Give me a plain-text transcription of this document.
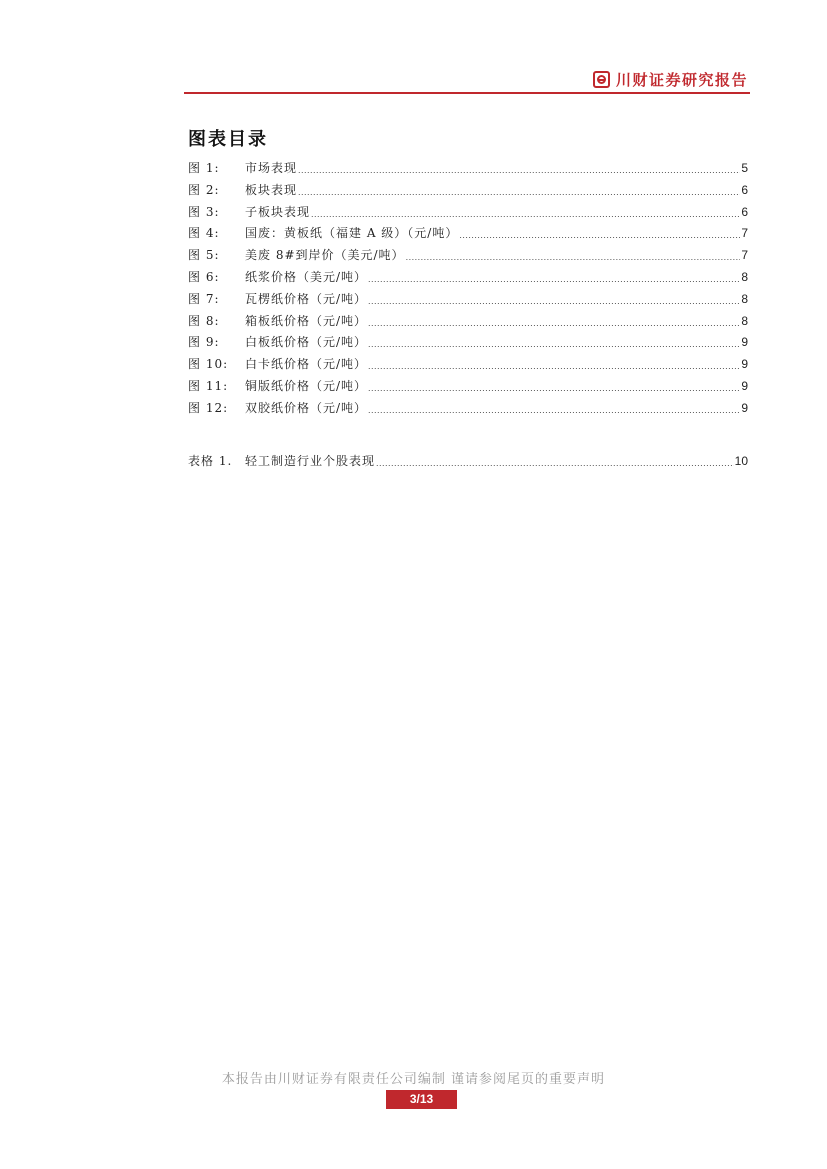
川财证券研究报告
图表目录
图 1:	市场表现 .....	5
图 2:	板块表现 .....	6
图 3:	子板块表现 .....	6
图 4:	国废：黄板纸（福建 A 级）（元/吨） .....	7
图 5:	美废 8#到岸价（美元/吨） .....	7
图 6:	纸浆价格（美元/吨） .....	8
图 7:	瓦楞纸价格（元/吨） .....	8
图 8:	箱板纸价格（元/吨） .....	8
图 9:	白板纸价格（元/吨） .....	9
图 10:	白卡纸价格（元/吨） .....	9
图 11:	铜版纸价格（元/吨） .....	9
图 12:	双胶纸价格（元/吨） .....	9
表格 1.	轻工制造行业个股表现 .....	10
本报告由川财证券有限责任公司编制 谨请参阅尾页的重要声明
3/13
